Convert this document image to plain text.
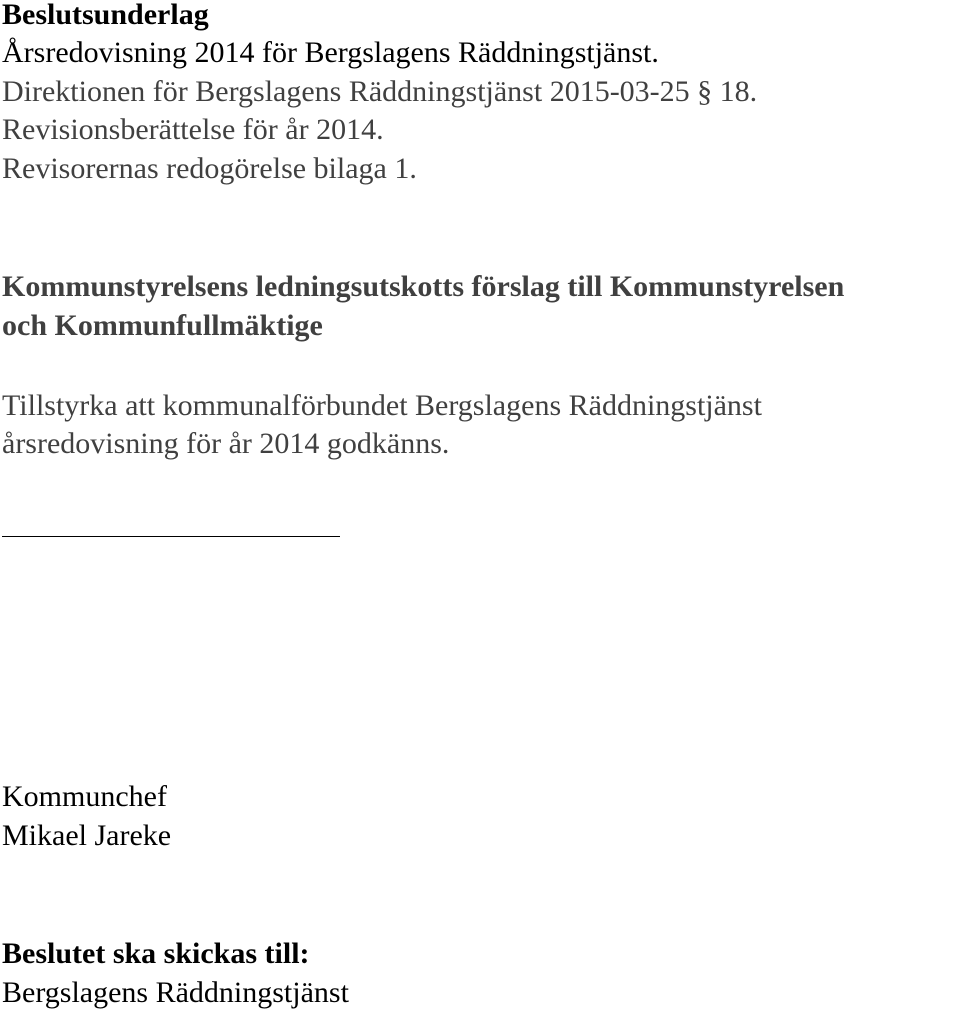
Beslutsunderlag
Årsredovisning 2014 för Bergslagens Räddningstjänst.
Direktionen för Bergslagens Räddningstjänst 2015-03-25 § 18.
Revisionsberättelse för år 2014.
Revisorernas redogörelse bilaga 1.
Kommunstyrelsens ledningsutskotts förslag till Kommunstyrelsen
och Kommunfullmäktige
Tillstyrka att kommunalförbundet Bergslagens Räddningstjänst
årsredovisning för år 2014 godkänns.
Kommunchef
Mikael Jareke
Beslutet ska skickas till:
Bergslagens Räddningstjänst
